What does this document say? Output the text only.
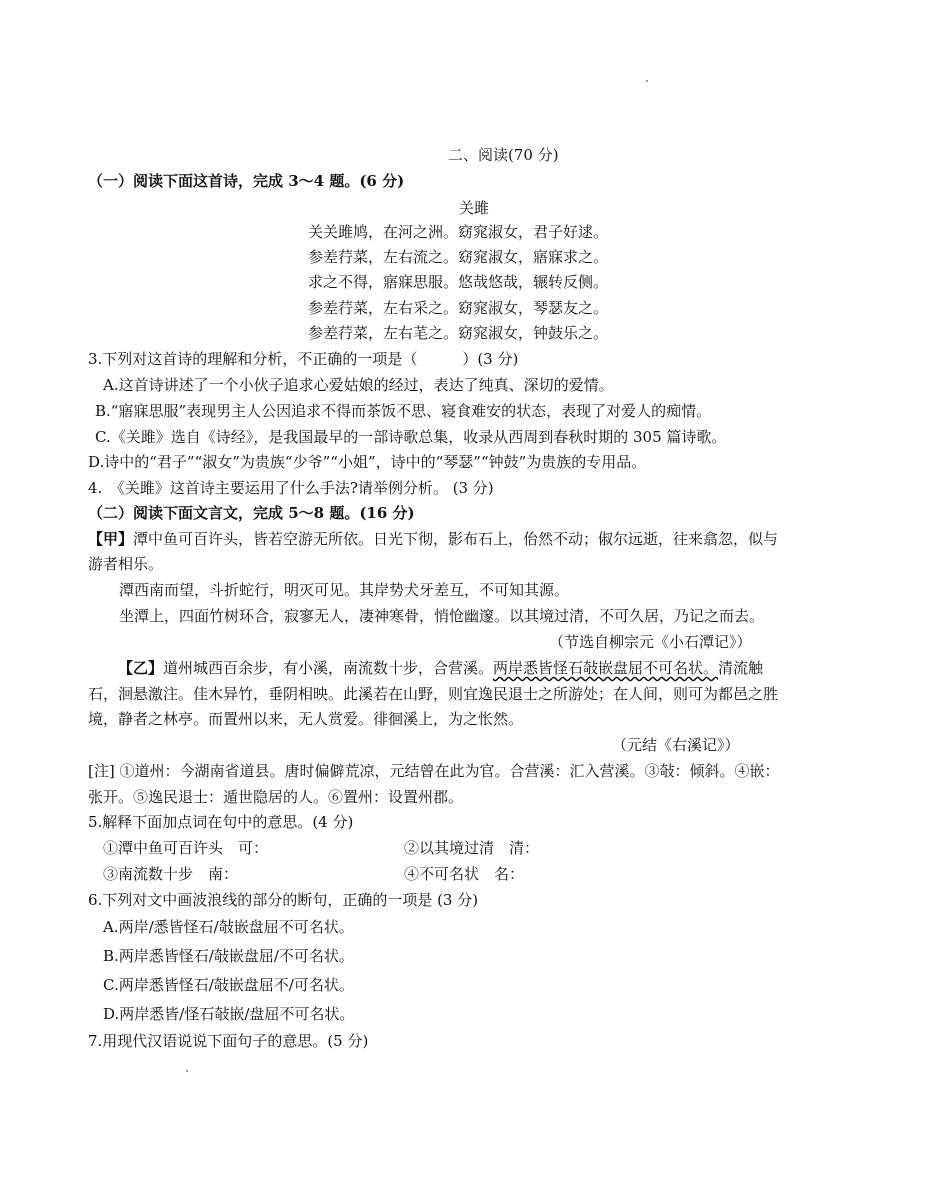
二、阅读(70 分)
（一）阅读下面这首诗，完成 3～4 题。(6 分)
关雎
关关雎鸠，在河之洲。窈窕淑女，君子好逑。
参差荇菜，左右流之。窈窕淑女，寤寐求之。
求之不得，寤寐思服。悠哉悠哉，辗转反侧。
参差荇菜，左右采之。窈窕淑女，琴瑟友之。
参差荇菜，左右芼之。窈窕淑女，钟鼓乐之。
3.下列对这首诗的理解和分析，不正确的一项是（　　　）(3 分)
A.这首诗讲述了一个小伙子追求心爱姑娘的经过，表达了纯真、深切的爱情。
B.“寤寐思服”表现男主人公因追求不得而茶饭不思、寝食难安的状态，表现了对爱人的痴情。
C.《关雎》选自《诗经》，是我国最早的一部诗歌总集，收录从西周到春秋时期的 305 篇诗歌。
D.诗中的“君子”“淑女”为贵族“少爷”“小姐”，诗中的“琴瑟”“钟鼓”为贵族的专用品。
4.　《关雎》这首诗主要运用了什么手法?请举例分析。 (3 分)
（二）阅读下面文言文，完成 5～8 题。(16 分)
【甲】潭中鱼可百许头，皆若空游无所依。日光下彻，影布石上，佁然不动；俶尔远逝，往来翕忽，似与
游者相乐。
潭西南而望，斗折蛇行，明灭可见。其岸势犬牙差互，不可知其源。
坐潭上，四面竹树环合，寂寥无人，凄神寒骨，悄怆幽邃。以其境过清，不可久居，乃记之而去。
（节选自柳宗元《小石潭记》）
【乙】道州城西百余步，有小溪，南流数十步，合营溪。两岸悉皆怪石敧嵌盘屈不可名状。清流触
石，洄悬激注。佳木异竹，垂阴相映。此溪若在山野，则宜逸民退士之所游处；在人间，则可为都邑之胜
境，静者之林亭。而置州以来，无人赏爱。徘徊溪上，为之怅然。
（元结《右溪记》）
[注] ①道州：今湖南省道县。唐时偏僻荒凉，元结曾在此为官。合营溪：汇入营溪。③敧：倾斜。④嵌：
张开。⑤逸民退士：遁世隐居的人。⑥置州：设置州郡。
5.解释下面加点词在句中的意思。(4 分)
①潭中鱼可百许头　可：	②以其境过清　清：
③南流数十步　南：	④不可名状　名：
6.下列对文中画波浪线的部分的断句，正确的一项是 (3 分)
A.两岸/悉皆怪石/敧嵌盘屈不可名状。
B.两岸悉皆怪石/敧嵌盘屈/不可名状。
C.两岸悉皆怪石/敧嵌盘屈不/可名状。
D.两岸悉皆/怪石敧嵌/盘屈不可名状。
7.用现代汉语说说下面句子的意思。(5 分)
